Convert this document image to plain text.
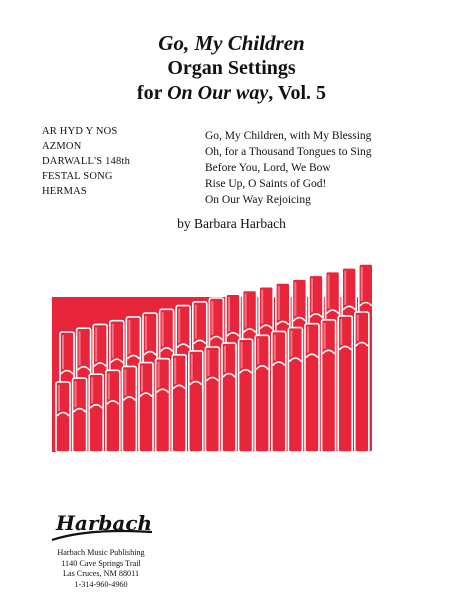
Go, My Children
Organ Settings
for On Our way, Vol. 5
AR HYD Y NOS
AZMON
DARWALL'S 148th
FESTAL SONG
HERMAS
Go, My Children, with My Blessing
Oh, for a Thousand Tongues to Sing
Before You, Lord, We Bow
Rise Up, O Saints of God!
On Our Way Rejoicing
by Barbara Harbach
Harbach
Harbach Music Publishing
1140 Cave Springs Trail
Las Cruces, NM 88011
1-314-960-4960
